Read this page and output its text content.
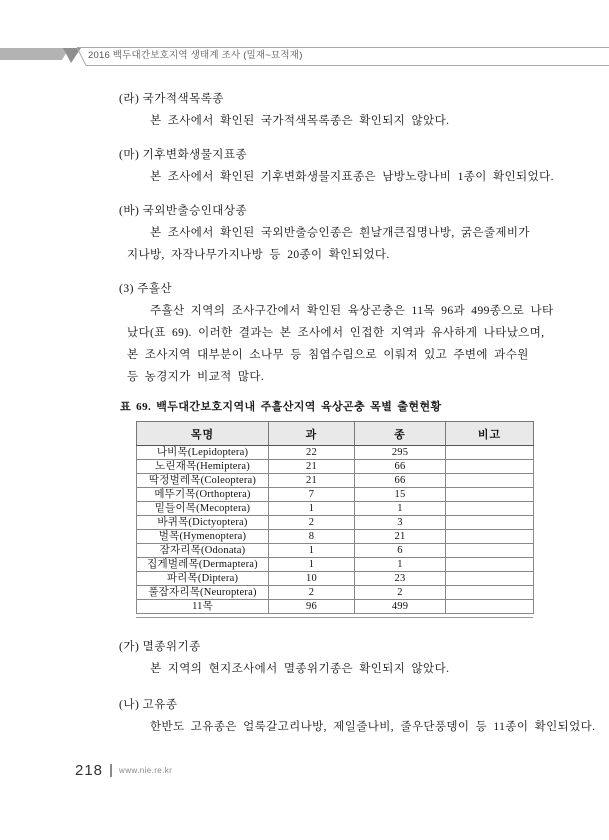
2016 백두대간보호지역 생태계 조사 (밀재~묘적재)
(라) 국가적색목록종
본 조사에서 확인된 국가적색목록종은 확인되지 않았다.
(마) 기후변화생물지표종
본 조사에서 확인된 기후변화생물지표종은 남방노랑나비 1종이 확인되었다.
(바) 국외반출승인대상종
본 조사에서 확인된 국외반출승인종은 흰날개큰집명나방, 굵은줄제비가
지나방, 자작나무가지나방 등 20종이 확인되었다.
(3) 주흘산
주흘산 지역의 조사구간에서 확인된 육상곤충은 11목 96과 499종으로 나타
났다(표 69). 이러한 결과는 본 조사에서 인접한 지역과 유사하게 나타났으며,
본 조사지역 대부분이 소나무 등 침엽수림으로 이뤄져 있고 주변에 과수원
등 농경지가 비교적 많다.
표 69. 백두대간보호지역내 주흘산지역 육상곤충 목별 출현현황
목명	과	종	비고
나비목(Lepidoptera)	22	295	
노린재목(Hemiptera)	21	66	
딱정벌레목(Coleoptera)	21	66	
메뚜기목(Orthoptera)	7	15	
밑들이목(Mecoptera)	1	1	
바퀴목(Dictyoptera)	2	3	
벌목(Hymenoptera)	8	21	
잠자리목(Odonata)	1	6	
집게벌레목(Dermaptera)	1	1	
파리목(Diptera)	10	23	
풀잠자리목(Neuroptera)	2	2	
11목	96	499	
(가) 멸종위기종
본 지역의 현지조사에서 멸종위기종은 확인되지 않았다.
(나) 고유종
한반도 고유종은 얼룩갈고리나방, 제일줄나비, 줄우단풍뎅이 등 11종이 확인되었다.
218 www.nie.re.kr
